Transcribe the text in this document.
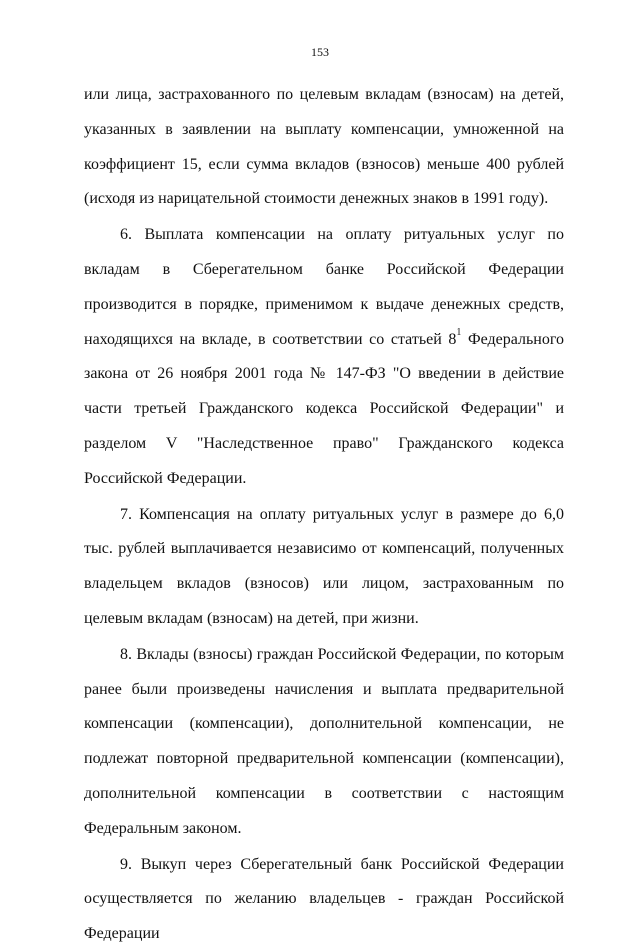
153

или лица, застрахованного по целевым вкладам (взносам) на детей, указанных в заявлении на выплату компенсации, умноженной на коэффициент 15, если сумма вкладов (взносов) меньше 400 рублей (исходя из нарицательной стоимости денежных знаков в 1991 году).

6. Выплата компенсации на оплату ритуальных услуг по вкладам в Сберегательном банке Российской Федерации производится в порядке, применимом к выдаче денежных средств, находящихся на вкладе, в соответствии со статьей $8^1$ Федерального закона от 26 ноября 2001 года № 147-ФЗ "О введении в действие части третьей Гражданского кодекса Российской Федерации" и разделом V "Наследственное право" Гражданского кодекса Российской Федерации.

7. Компенсация на оплату ритуальных услуг в размере до 6,0 тыс. рублей выплачивается независимо от компенсаций, полученных владельцем вкладов (взносов) или лицом, застрахованным по целевым вкладам (взносам) на детей, при жизни.

8. Вклады (взносы) граждан Российской Федерации, по которым ранее были произведены начисления и выплата предварительной компенсации (компенсации), дополнительной компенсации, не подлежат повторной предварительной компенсации (компенсации), дополнительной компенсации в соответствии с настоящим Федеральным законом.

9. Выкуп через Сберегательный банк Российской Федерации осуществляется по желанию владельцев - граждан Российской Федерации
